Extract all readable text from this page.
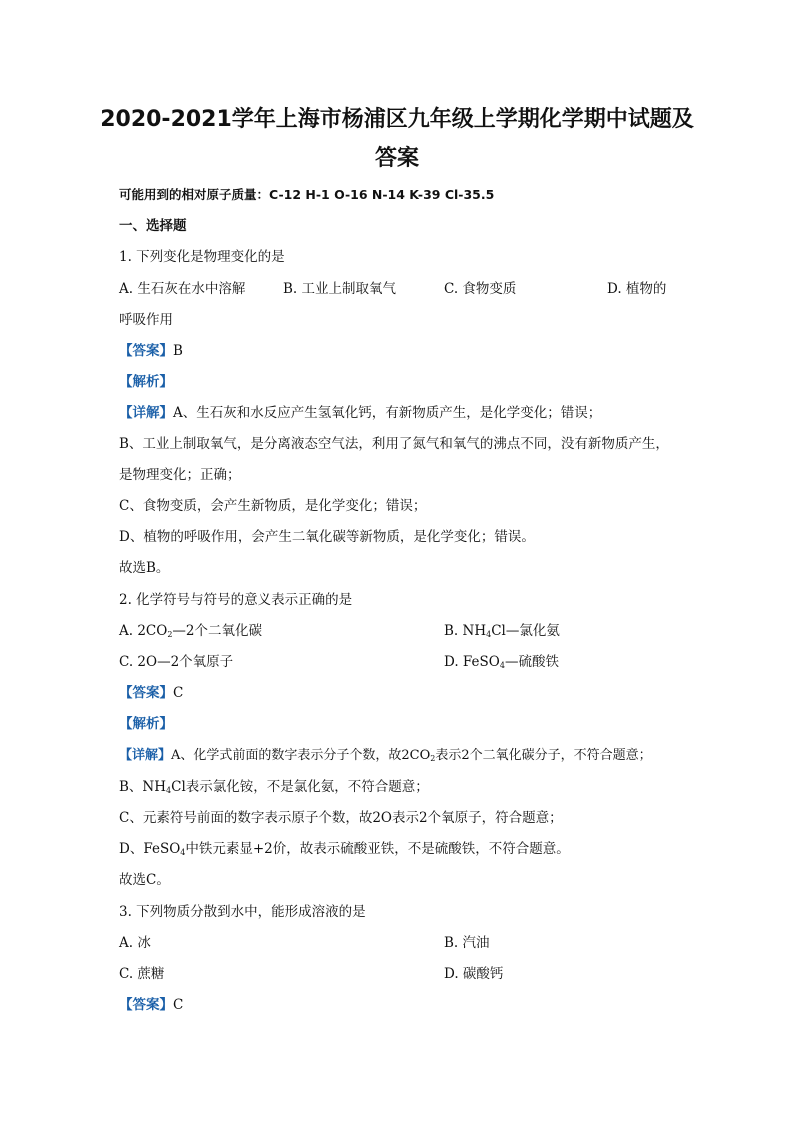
2020-2021学年上海市杨浦区九年级上学期化学期中试题及
答案
可能用到的相对原子质量：C-12 H-1 O-16 N-14 K-39 Cl-35.5
一、选择题
1. 下列变化是物理变化的是
A. 生石灰在水中溶解	B. 工业上制取氧气	C. 食物变质	D. 植物的
呼吸作用
【答案】B
【解析】
【详解】A、生石灰和水反应产生氢氧化钙，有新物质产生，是化学变化；错误；
B、工业上制取氧气，是分离液态空气法，利用了氮气和氧气的沸点不同，没有新物质产生，
是物理变化；正确；
C、食物变质，会产生新物质，是化学变化；错误；
D、植物的呼吸作用，会产生二氧化碳等新物质，是化学变化；错误。
故选B。
2. 化学符号与符号的意义表示正确的是
A. $2CO_2—2$个二氧化碳	B. $NH_4Cl—$氯化氨
C. 2O—2个氧原子	D. FeSO$_4$—硫酸铁
【答案】C
【解析】
【详解】A、化学式前面的数字表示分子个数，故$2CO_2$表示2个二氧化碳分子，不符合题意；
B、$NH_4Cl$表示氯化铵，不是氯化氨，不符合题意；
C、元素符号前面的数字表示原子个数，故2O表示2个氧原子，符合题意；
D、FeSO$_4$中铁元素显+2价，故表示硫酸亚铁，不是硫酸铁，不符合题意。
故选C。
3. 下列物质分散到水中，能形成溶液的是
A. 冰	B. 汽油
C. 蔗糖	D. 碳酸钙
【答案】C
